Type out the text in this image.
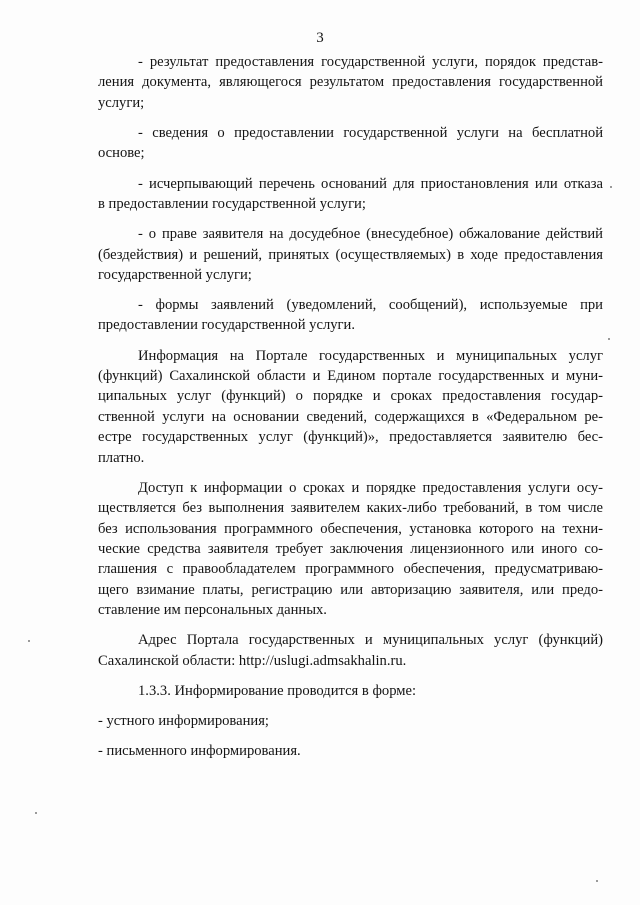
3
- результат предоставления государственной услуги, порядок представ-
ления документа, являющегося результатом предоставления государственной
услуги;
- сведения о предоставлении государственной услуги на бесплатной
основе;
- исчерпывающий перечень оснований для приостановления или отказа
в предоставлении государственной услуги;
- о праве заявителя на досудебное (внесудебное) обжалование действий
(бездействия) и решений, принятых (осуществляемых) в ходе предоставления
государственной услуги;
- формы заявлений (уведомлений, сообщений), используемые при
предоставлении государственной услуги.
Информация на Портале государственных и муниципальных услуг
(функций) Сахалинской области и Едином портале государственных и муни-
ципальных услуг (функций) о порядке и сроках предоставления государ-
ственной услуги на основании сведений, содержащихся в «Федеральном ре-
естре государственных услуг (функций)», предоставляется заявителю бес-
платно.
Доступ к информации о сроках и порядке предоставления услуги осу-
ществляется без выполнения заявителем каких-либо требований, в том числе
без использования программного обеспечения, установка которого на техни-
ческие средства заявителя требует заключения лицензионного или иного со-
глашения с правообладателем программного обеспечения, предусматриваю-
щего взимание платы, регистрацию или авторизацию заявителя, или предо-
ставление им персональных данных.
Адрес Портала государственных и муниципальных услуг (функций)
Сахалинской области: http://uslugi.admsakhalin.ru.
1.3.3. Информирование проводится в форме:
- устного информирования;
- письменного информирования.
